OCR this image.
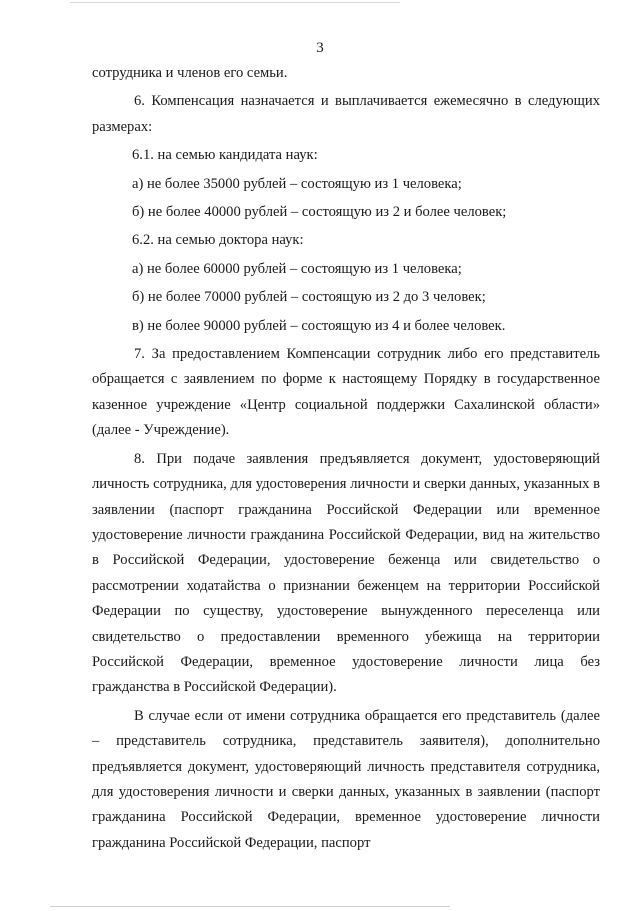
3

сотрудника и членов его семьи.

6. Компенсация назначается и выплачивается ежемесячно в следующих размерах:

6.1. на семью кандидата наук:

а) не более 35000 рублей – состоящую из 1 человека;

б) не более 40000 рублей – состоящую из 2 и более человек;

6.2. на семью доктора наук:

а) не более 60000 рублей – состоящую из 1 человека;

б) не более 70000 рублей – состоящую из 2 до 3 человек;

в) не более 90000 рублей – состоящую из 4 и более человек.

7. За предоставлением Компенсации сотрудник либо его представитель обращается с заявлением по форме к настоящему Порядку в государственное казенное учреждение «Центр социальной поддержки Сахалинской области» (далее - Учреждение).

8. При подаче заявления предъявляется документ, удостоверяющий личность сотрудника, для удостоверения личности и сверки данных, указанных в заявлении (паспорт гражданина Российской Федерации или временное удостоверение личности гражданина Российской Федерации, вид на жительство в Российской Федерации, удостоверение беженца или свидетельство о рассмотрении ходатайства о признании беженцем на территории Российской Федерации по существу, удостоверение вынужденного переселенца или свидетельство о предоставлении временного убежища на территории Российской Федерации, временное удостоверение личности лица без гражданства в Российской Федерации).

В случае если от имени сотрудника обращается его представитель (далее – представитель сотрудника, представитель заявителя), дополнительно предъявляется документ, удостоверяющий личность представителя сотрудника, для удостоверения личности и сверки данных, указанных в заявлении (паспорт гражданина Российской Федерации, временное удостоверение личности гражданина Российской Федерации, паспорт
